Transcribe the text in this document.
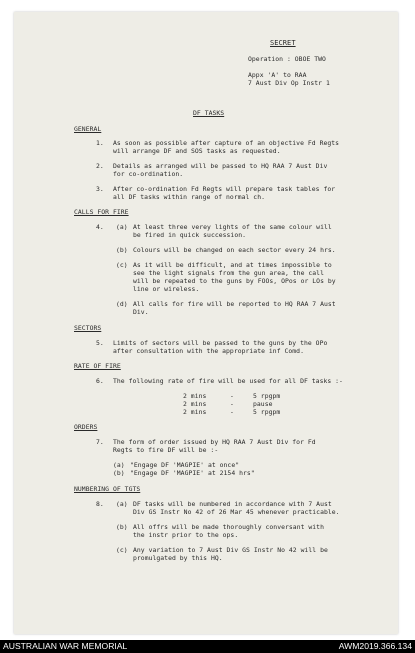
SECRET
Operation : OBOE TWO
Appx 'A' to RAA
7 Aust Div Op Instr 1
DF TASKS
GENERAL
1. As soon as possible after capture of an objective Fd Regts
will arrange DF and SOS tasks as requested.
2. Details as arranged will be passed to HQ RAA 7 Aust Div
for co-ordination.
3. After co-ordination Fd Regts will prepare task tables for
all DF tasks within range of normal ch.
CALLS FOR FIRE
4. (a) At least three verey lights of the same colour will
be fired in quick succession.
(b) Colours will be changed on each sector every 24 hrs.
(c) As it will be difficult, and at times impossible to
see the light signals from the gun area, the call
will be repeated to the guns by FOOs, OPos or LOs by
line or wireless.
(d) All calls for fire will be reported to HQ RAA 7 Aust
Div.
SECTORS
5. Limits of sectors will be passed to the guns by the OPo
after consultation with the appropriate inf Comd.
RATE OF FIRE
6. The following rate of fire will be used for all DF tasks :-
2 mins	-	5 rpgpm
2 mins	-	pause
2 mins	-	5 rpgpm
ORDERS
7. The form of order issued by HQ RAA 7 Aust Div for Fd
Regts to fire DF will be :-
(a) "Engage DF 'MAGPIE' at once"
(b) "Engage DF 'MAGPIE' at 2154 hrs"
NUMBERING OF TGTS
8. (a) DF tasks will be numbered in accordance with 7 Aust
Div GS Instr No 42 of 26 Mar 45 whenever practicable.
(b) All offrs will be made thoroughly conversant with
the instr prior to the ops.
(c) Any variation to 7 Aust Div GS Instr No 42 will be
promulgated by this HQ.
AUSTRALIAN WAR MEMORIAL	AWM2019.366.134
